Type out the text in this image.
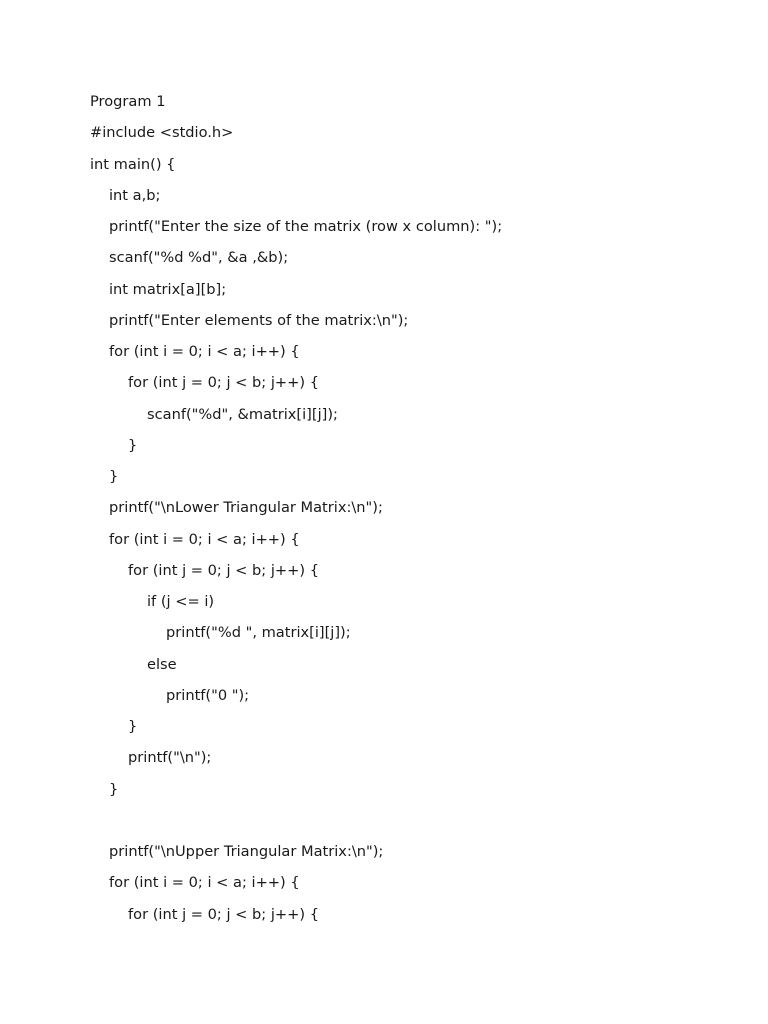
Program 1
#include <stdio.h>
int main() {
int a,b;
printf("Enter the size of the matrix (row x column): ");
scanf("%d %d", &a ,&b);
int matrix[a][b];
printf("Enter elements of the matrix:\n");
for (int i = 0; i < a; i++) {
for (int j = 0; j < b; j++) {
scanf("%d", &matrix[i][j]);
}
}
printf("\nLower Triangular Matrix:\n");
for (int i = 0; i < a; i++) {
for (int j = 0; j < b; j++) {
if (j <= i)
printf("%d ", matrix[i][j]);
else
printf("0 ");
}
printf("\n");
}
printf("\nUpper Triangular Matrix:\n");
for (int i = 0; i < a; i++) {
for (int j = 0; j < b; j++) {
